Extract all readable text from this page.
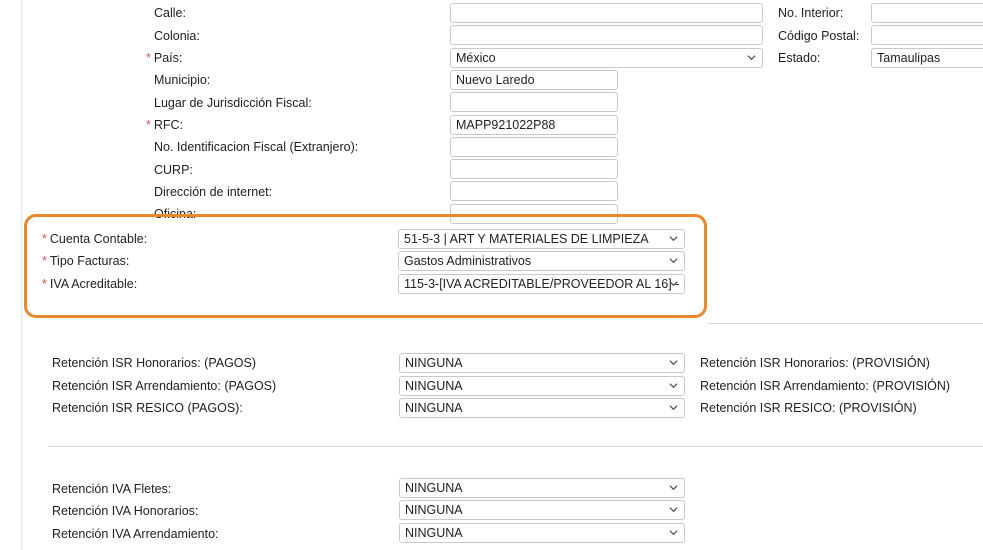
Calle:	No. Interior:
Colonia:	Código Postal:
* País:	México	Estado:	Tamaulipas
Municipio:	Nuevo Laredo
Lugar de Jurisdicción Fiscal:
* RFC:	MAPP921022P88
No. Identificacion Fiscal (Extranjero):
CURP:
Dirección de internet:
Oficina:
* Cuenta Contable:	51-5-3 | ART Y MATERIALES DE LIMPIEZA
* Tipo Facturas:	Gastos Administrativos
* IVA Acreditable:	115-3-[IVA ACREDITABLE/PROVEEDOR AL 16] -
Retención ISR Honorarios: (PAGOS)	NINGUNA	Retención ISR Honorarios: (PROVISIÓN)
Retención ISR Arrendamiento: (PAGOS)	NINGUNA	Retención ISR Arrendamiento: (PROVISIÓN)
Retención ISR RESICO (PAGOS):	NINGUNA	Retención ISR RESICO: (PROVISIÓN)
Retención IVA Fletes:	NINGUNA
Retención IVA Honorarios:	NINGUNA
Retención IVA Arrendamiento:	NINGUNA
